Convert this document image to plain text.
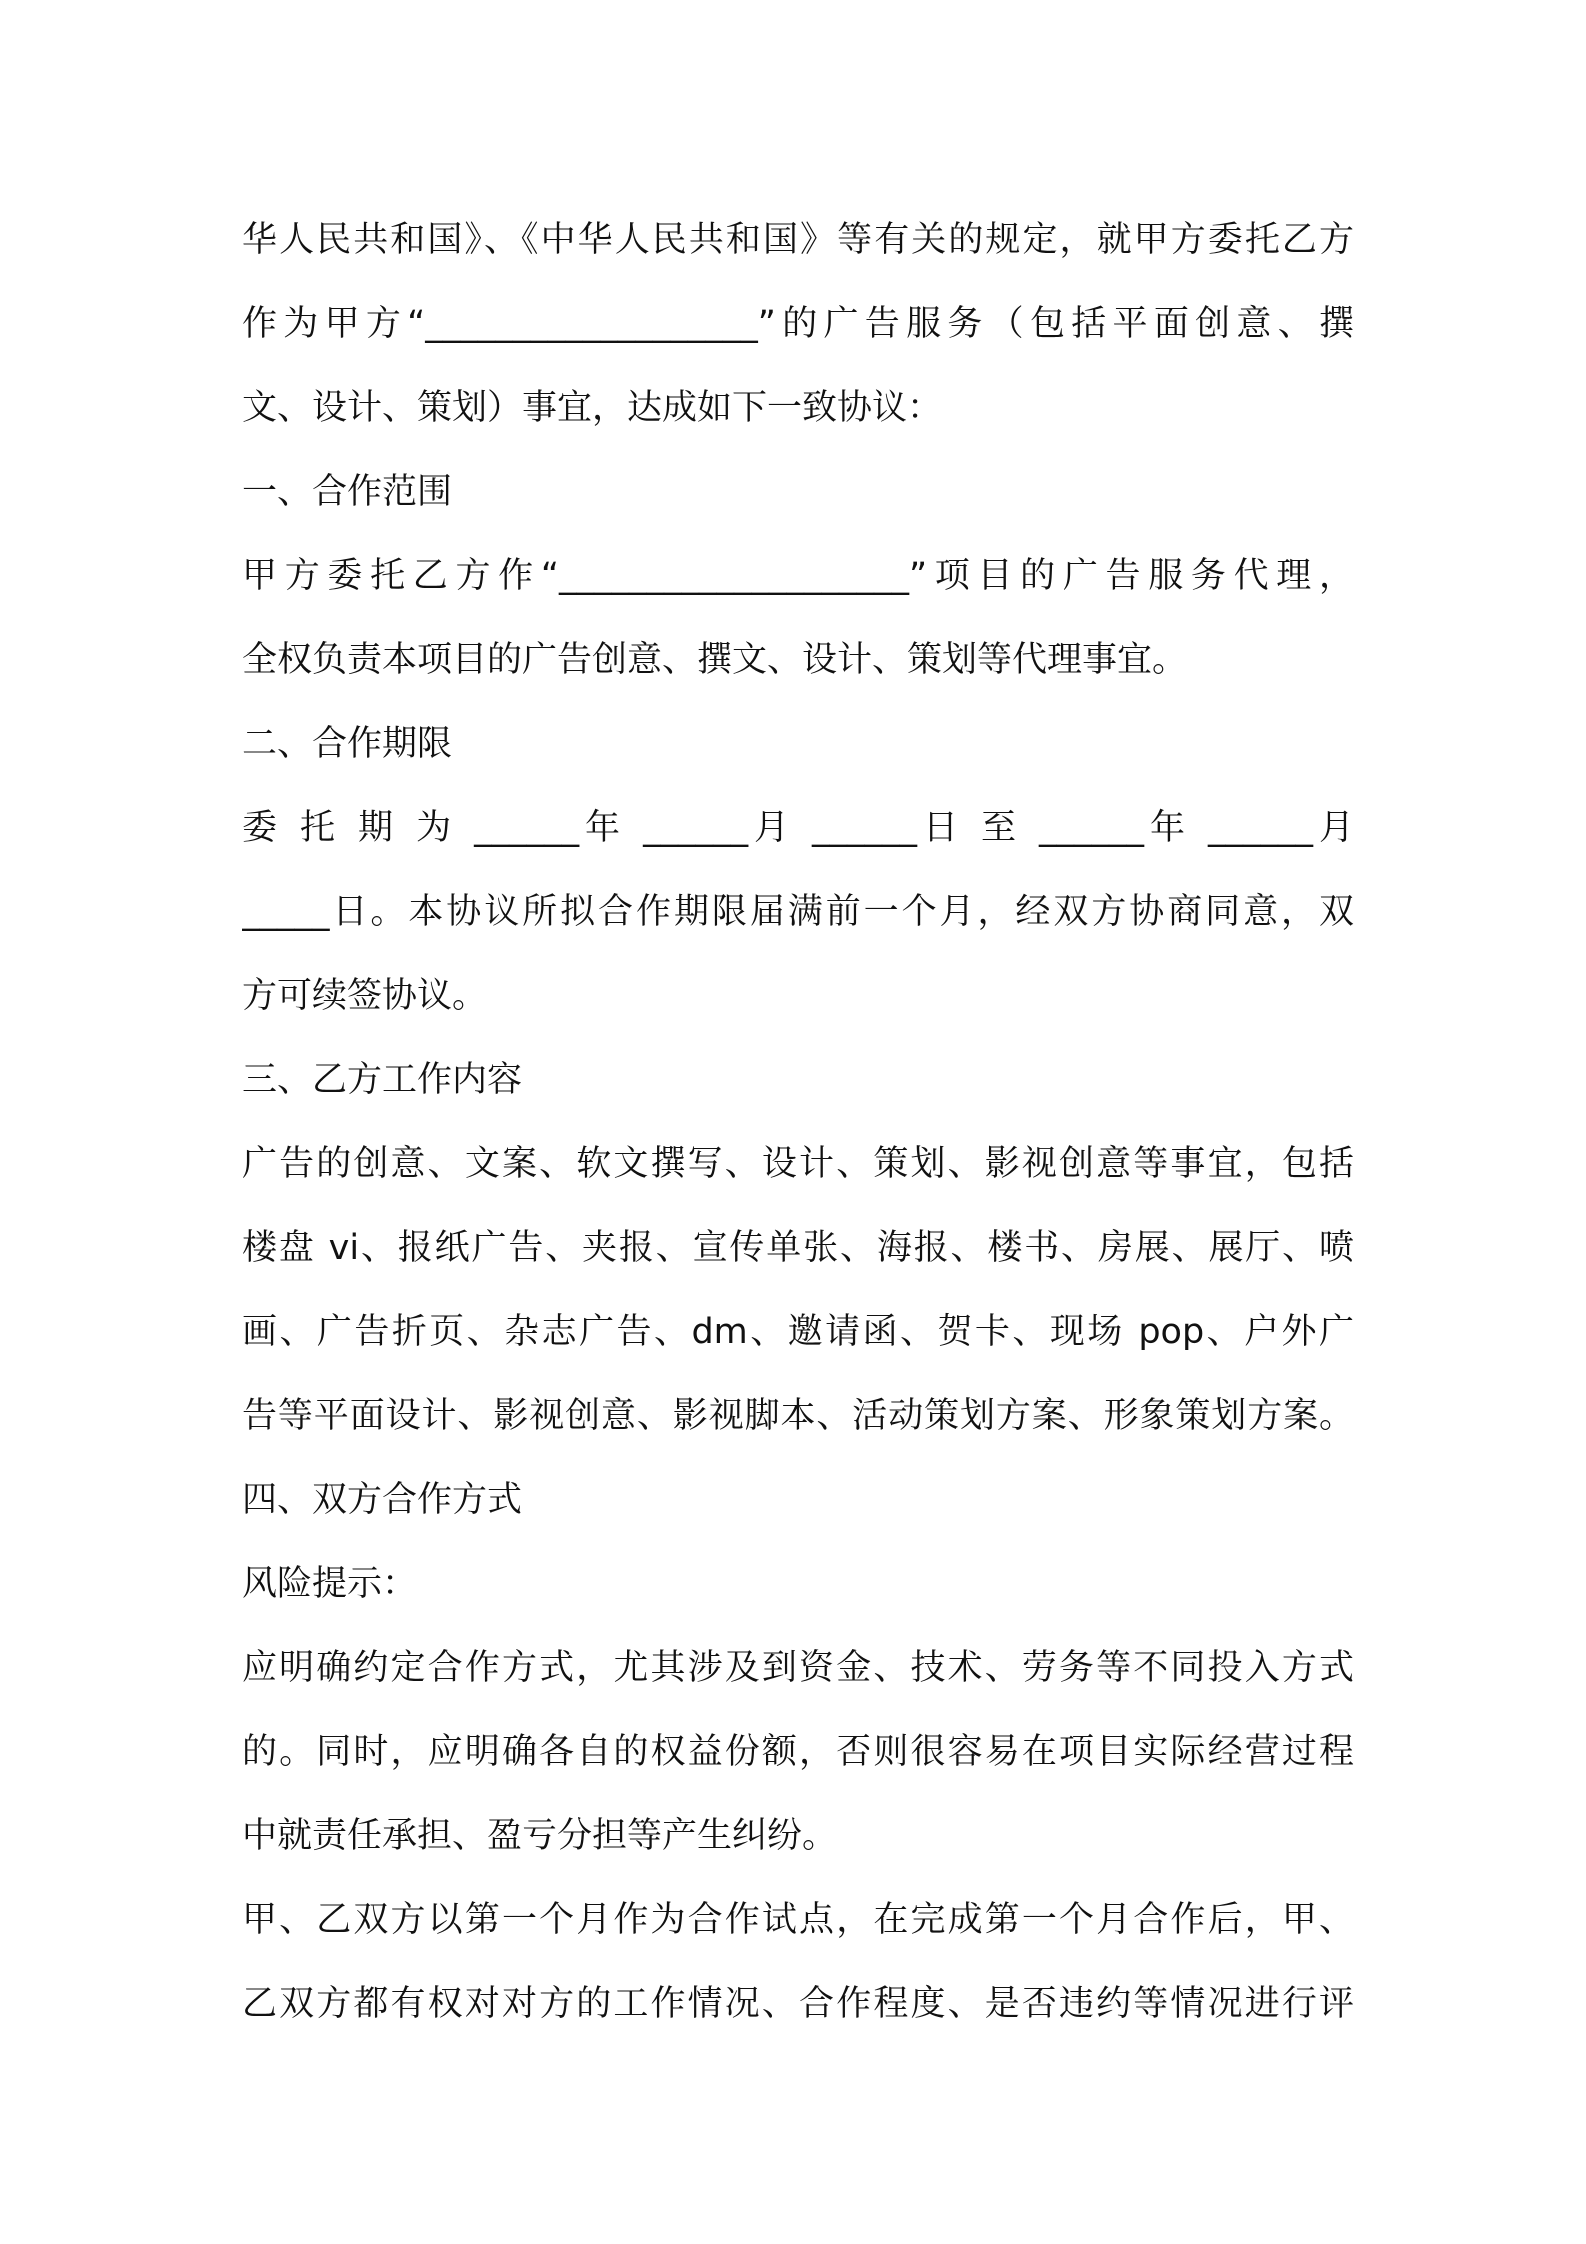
华人民共和国》、《中华人民共和国》等有关的规定，就甲方委托乙方
作为甲方“___________________”的广告服务（包括平面创意、撰
文、设计、策划）事宜，达成如下一致协议：
一、合作范围
甲方委托乙方作“____________________”项目的广告服务代理，
全权负责本项目的广告创意、撰文、设计、策划等代理事宜。
二、合作期限
委 托 期 为 ______年 ______月 ______日 至 ______年 ______月
_____日。本协议所拟合作期限届满前一个月，经双方协商同意，双
方可续签协议。
三、乙方工作内容
广告的创意、文案、软文撰写、设计、策划、影视创意等事宜，包括
楼盘 vi、报纸广告、夹报、宣传单张、海报、楼书、房展、展厅、喷
画、广告折页、杂志广告、dm、邀请函、贺卡、现场 pop、户外广
告等平面设计、影视创意、影视脚本、活动策划方案、形象策划方案。
四、双方合作方式
风险提示：
应明确约定合作方式，尤其涉及到资金、技术、劳务等不同投入方式
的。同时，应明确各自的权益份额，否则很容易在项目实际经营过程
中就责任承担、盈亏分担等产生纠纷。
甲、乙双方以第一个月作为合作试点，在完成第一个月合作后，甲、
乙双方都有权对对方的工作情况、合作程度、是否违约等情况进行评
